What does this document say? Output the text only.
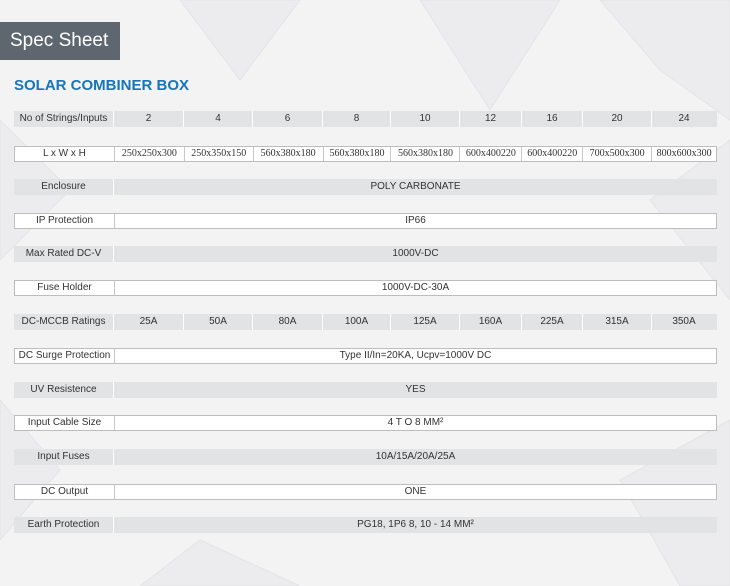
Spec Sheet
SOLAR COMBINER BOX
No of Strings/Inputs	2	4	6	8	10	12	16	20	24
L x W x H	250x250x300	250x350x150	560x380x180	560x380x180	560x380x180	600x400220	600x400220	700x500x300	800x600x300
Enclosure	POLY CARBONATE
IP Protection	IP66
Max Rated DC-V	1000V-DC
Fuse Holder	1000V-DC-30A
DC-MCCB Ratings	25A	50A	80A	100A	125A	160A	225A	315A	350A
DC Surge Protection	Type II/In=20KA, Ucpv=1000V DC
UV Resistence	YES
Input Cable Size	4 T O 8 MM²
Input Fuses	10A/15A/20A/25A
DC Output	ONE
Earth Protection	PG18, 1P6 8, 10 - 14 MM²
